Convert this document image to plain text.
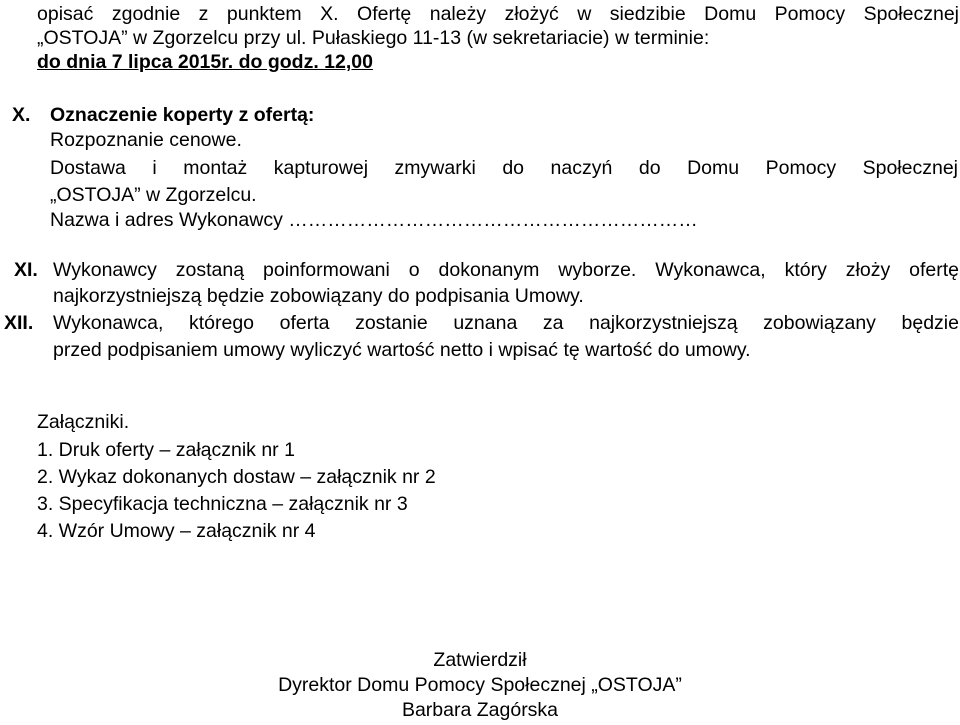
opisać zgodnie z punktem X. Ofertę należy złożyć w siedzibie Domu Pomocy Społecznej
„OSTOJA” w Zgorzelcu przy ul. Pułaskiego 11-13 (w sekretariacie) w terminie:
do dnia 7 lipca 2015r. do godz. 12,00
X. Oznaczenie koperty z ofertą:
Rozpoznanie cenowe.
Dostawa i montaż kapturowej zmywarki do naczyń do Domu Pomocy Społecznej
„OSTOJA” w Zgorzelcu.
Nazwa i adres Wykonawcy ………………………………………………………
XI. Wykonawcy zostaną poinformowani o dokonanym wyborze. Wykonawca, który złoży ofertę
najkorzystniejszą będzie zobowiązany do podpisania Umowy.
XII. Wykonawca, którego oferta zostanie uznana za najkorzystniejszą zobowiązany będzie
przed podpisaniem umowy wyliczyć wartość netto i wpisać tę wartość do umowy.
Załączniki.
1. Druk oferty – załącznik nr 1
2. Wykaz dokonanych dostaw – załącznik nr 2
3. Specyfikacja techniczna – załącznik nr 3
4. Wzór Umowy – załącznik nr 4
Zatwierdził
Dyrektor Domu Pomocy Społecznej „OSTOJA”
Barbara Zagórska
